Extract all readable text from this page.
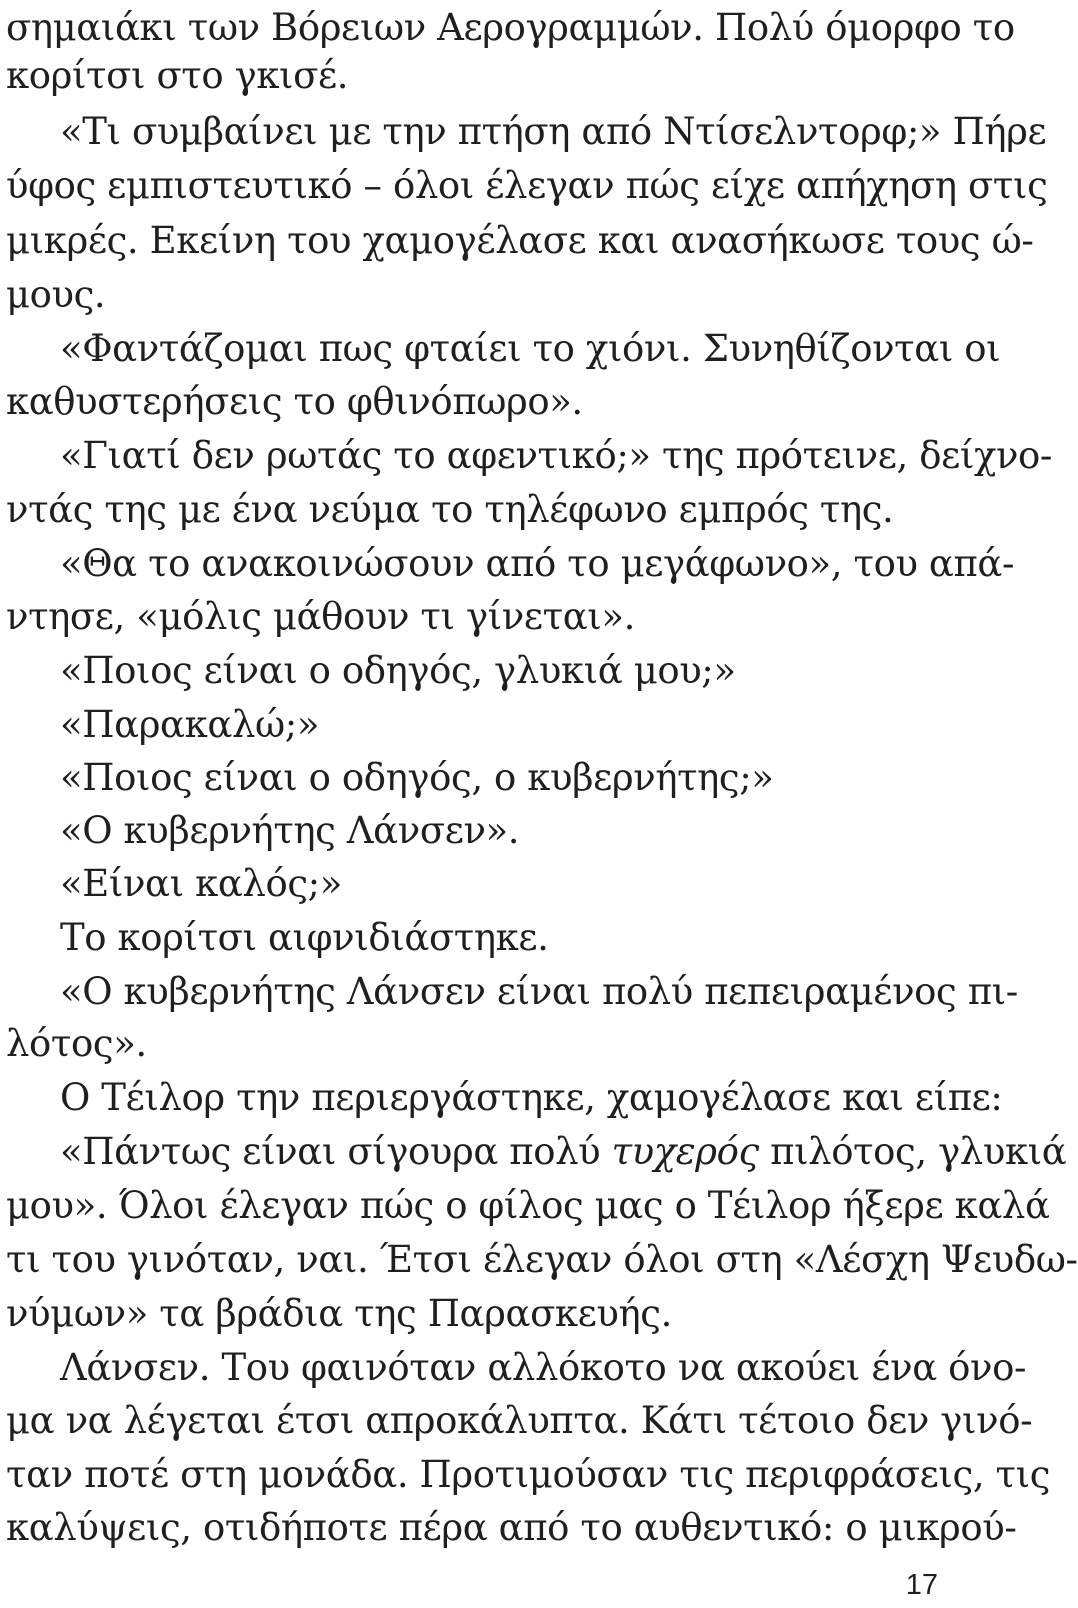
σημαιάκι των Βόρειων Αερογραμμών. Πολύ όμορφο το
κορίτσι στο γκισέ.
«Τι συμβαίνει με την πτήση από Ντίσελντορφ;» Πήρε
ύφος εμπιστευτικό – όλοι έλεγαν πώς είχε απήχηση στις
μικρές. Εκείνη του χαμογέλασε και ανασήκωσε τους ώ-
μους.
«Φαντάζομαι πως φταίει το χιόνι. Συνηθίζονται οι
καθυστερήσεις το φθινόπωρο».
«Γιατί δεν ρωτάς το αφεντικό;» της πρότεινε, δείχνο-
ντάς της με ένα νεύμα το τηλέφωνο εμπρός της.
«Θα το ανακοινώσουν από το μεγάφωνο», του απά-
ντησε, «μόλις μάθουν τι γίνεται».
«Ποιος είναι ο οδηγός, γλυκιά μου;»
«Παρακαλώ;»
«Ποιος είναι ο οδηγός, ο κυβερνήτης;»
«Ο κυβερνήτης Λάνσεν».
«Είναι καλός;»
Το κορίτσι αιφνιδιάστηκε.
«Ο κυβερνήτης Λάνσεν είναι πολύ πεπειραμένος πι-
λότος».
Ο Τέιλορ την περιεργάστηκε, χαμογέλασε και είπε:
«Πάντως είναι σίγουρα πολύ τυχερός πιλότος, γλυκιά
μου». Όλοι έλεγαν πώς ο φίλος μας ο Τέιλορ ήξερε καλά
τι του γινόταν, ναι. Έτσι έλεγαν όλοι στη «Λέσχη Ψευδω-
νύμων» τα βράδια της Παρασκευής.
Λάνσεν. Του φαινόταν αλλόκοτο να ακούει ένα όνο-
μα να λέγεται έτσι απροκάλυπτα. Κάτι τέτοιο δεν γινό-
ταν ποτέ στη μονάδα. Προτιμούσαν τις περιφράσεις, τις
καλύψεις, οτιδήποτε πέρα από το αυθεντικό: ο μικρού-
17
